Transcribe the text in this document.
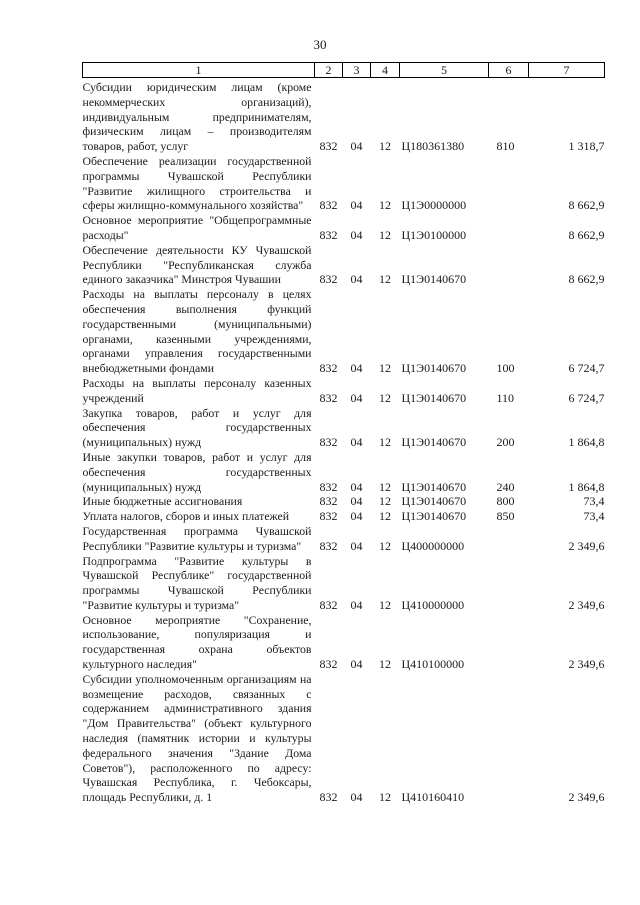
30
1	2	3	4	5	6	7
Субсидии юридическим лицам (кроме некоммерческих организаций), индивидуальным предпринимателям, физическим лицам – производителям товаров, работ, услуг	832	04	12	Ц180361380	810	1 318,7
Обеспечение реализации государственной программы Чувашской Республики "Развитие жилищного строительства и сферы жилищно-коммунального хозяйства"	832	04	12	Ц1Э0000000		8 662,9
Основное мероприятие "Общепрограммные расходы"	832	04	12	Ц1Э0100000		8 662,9
Обеспечение деятельности КУ Чувашской Республики "Республиканская служба единого заказчика" Минстроя Чувашии	832	04	12	Ц1Э0140670		8 662,9
Расходы на выплаты персоналу в целях обеспечения выполнения функций государственными (муниципальными) органами, казенными учреждениями, органами управления государственными внебюджетными фондами	832	04	12	Ц1Э0140670	100	6 724,7
Расходы на выплаты персоналу казенных учреждений	832	04	12	Ц1Э0140670	110	6 724,7
Закупка товаров, работ и услуг для обеспечения государственных (муниципальных) нужд	832	04	12	Ц1Э0140670	200	1 864,8
Иные закупки товаров, работ и услуг для обеспечения государственных (муниципальных) нужд	832	04	12	Ц1Э0140670	240	1 864,8
Иные бюджетные ассигнования	832	04	12	Ц1Э0140670	800	73,4
Уплата налогов, сборов и иных платежей	832	04	12	Ц1Э0140670	850	73,4
Государственная программа Чувашской Республики "Развитие культуры и туризма"	832	04	12	Ц400000000		2 349,6
Подпрограмма "Развитие культуры в Чувашской Республике" государственной программы Чувашской Республики "Развитие культуры и туризма"	832	04	12	Ц410000000		2 349,6
Основное мероприятие "Сохранение, использование, популяризация и государственная охрана объектов культурного наследия"	832	04	12	Ц410100000		2 349,6
Субсидии уполномоченным организациям на возмещение расходов, связанных с содержанием административного здания "Дом Правительства" (объект культурного наследия (памятник истории и культуры федерального значения "Здание Дома Советов"), расположенного по адресу: Чувашская Республика, г. Чебоксары, площадь Республики, д. 1	832	04	12	Ц410160410		2 349,6
